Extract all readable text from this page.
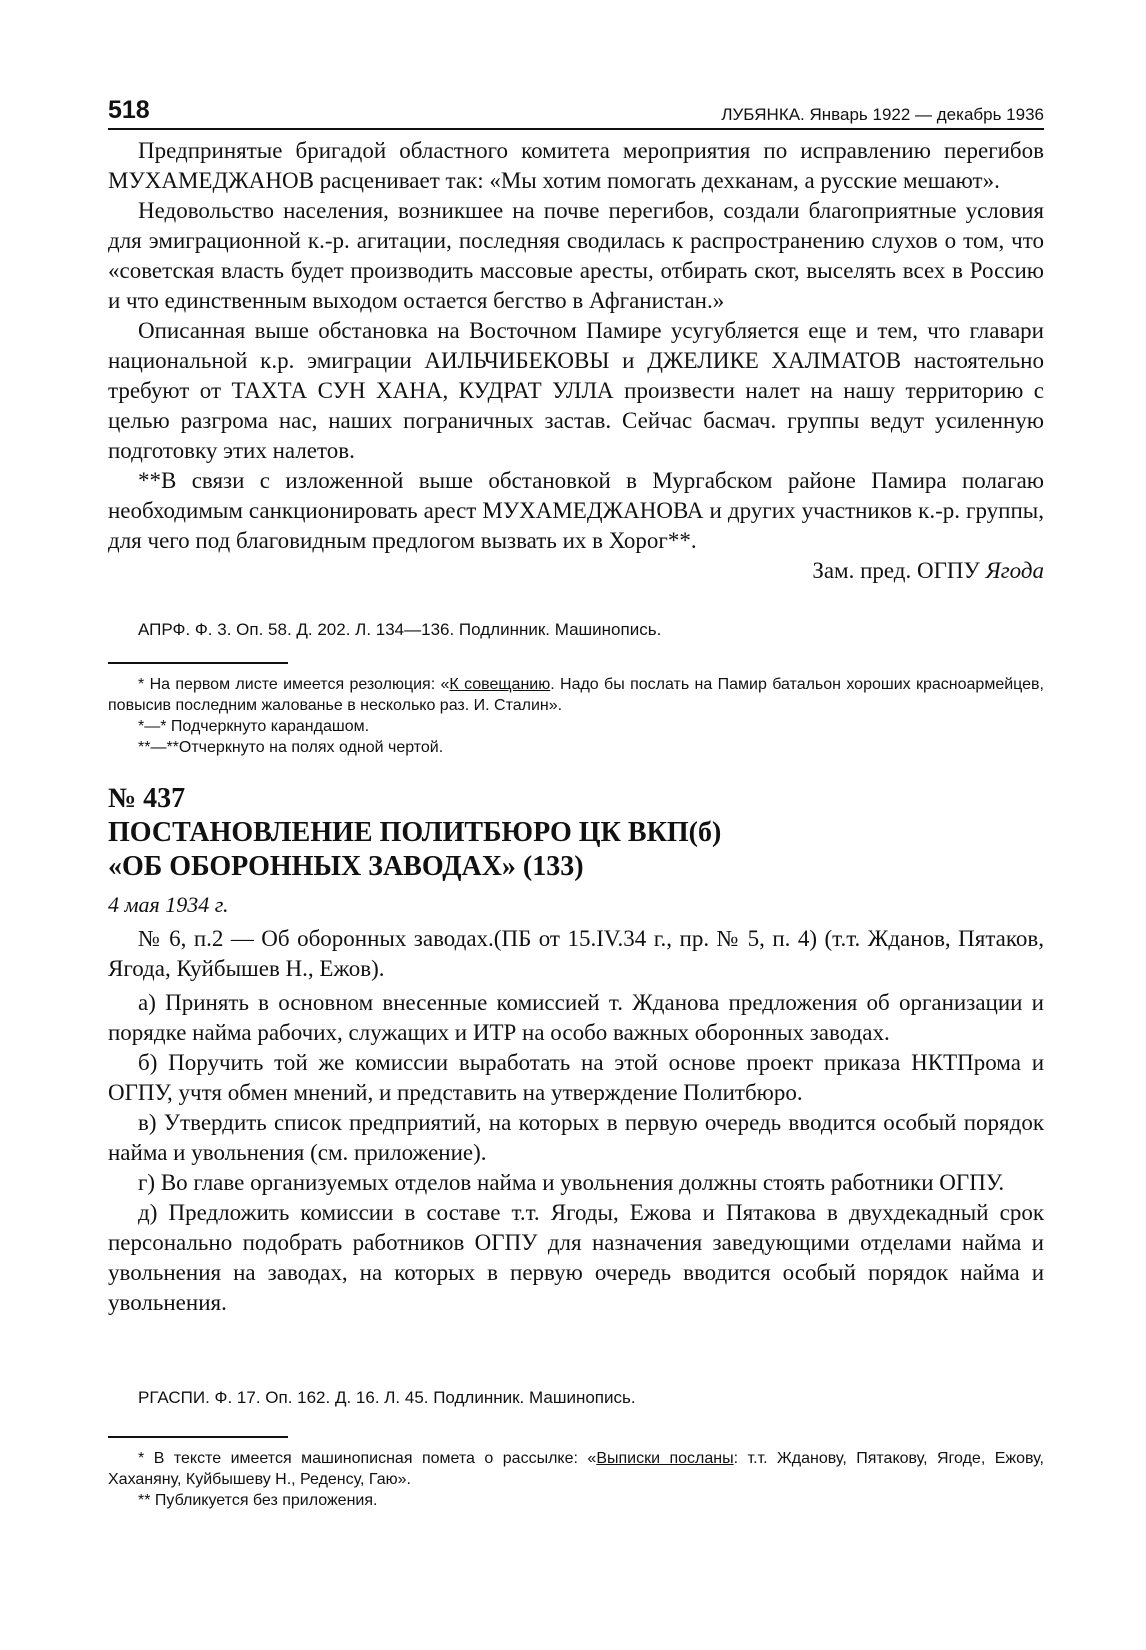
518	ЛУБЯНКА. Январь 1922 — декабрь 1936

Предпринятые бригадой областного комитета мероприятия по исправлению перегибов МУХАМЕДЖАНОВ расценивает так: «Мы хотим помогать дехканам, а русские мешают».

Недовольство населения, возникшее на почве перегибов, создали благоприятные условия для эмиграционной к.-р. агитации, последняя сводилась к распространению слухов о том, что «советская власть будет производить массовые аресты, отбирать скот, выселять всех в Россию и что единственным выходом остается бегство в Афганистан.»

Описанная выше обстановка на Восточном Памире усугубляется еще и тем, что главари национальной к.р. эмиграции АИЛЬЧИБЕКОВЫ и ДЖЕЛИКЕ ХАЛМАТОВ настоятельно требуют от ТАХТА СУН ХАНА, КУДРАТ УЛЛА произвести налет на нашу территорию с целью разгрома нас, наших пограничных застав. Сейчас басмач. группы ведут усиленную подготовку этих налетов.

**В связи с изложенной выше обстановкой в Мургабском районе Памира полагаю необходимым санкционировать арест МУХАМЕДЖАНОВА и других участников к.-р. группы, для чего под благовидным предлогом вызвать их в Хорог**.

Зам. пред. ОГПУ Ягода

АПРФ. Ф. 3. Оп. 58. Д. 202. Л. 134—136. Подлинник. Машинопись.

* На первом листе имеется резолюция: «К совещанию. Надо бы послать на Памир батальон хороших красноармейцев, повысив последним жалованье в несколько раз. И. Сталин».

*—* Подчеркнуто карандашом.

**—**Отчеркнуто на полях одной чертой.

№ 437

ПОСТАНОВЛЕНИЕ ПОЛИТБЮРО ЦК ВКП(б)

«ОБ ОБОРОННЫХ ЗАВОДАХ» (133)

4 мая 1934 г.

№ 6, п.2 — Об оборонных заводах.(ПБ от 15.IV.34 г., пр. № 5, п. 4) (т.т. Жданов, Пятаков, Ягода, Куйбышев Н., Ежов).

а) Принять в основном внесенные комиссией т. Жданова предложения об организации и порядке найма рабочих, служащих и ИТР на особо важных оборонных заводах.

б) Поручить той же комиссии выработать на этой основе проект приказа НКТПрома и ОГПУ, учтя обмен мнений, и представить на утверждение Политбюро.

в) Утвердить список предприятий, на которых в первую очередь вводится особый порядок найма и увольнения (см. приложение).

г) Во главе организуемых отделов найма и увольнения должны стоять работники ОГПУ.

д) Предложить комиссии в составе т.т. Ягоды, Ежова и Пятакова в двухдекадный срок персонально подобрать работников ОГПУ для назначения заведующими отделами найма и увольнения на заводах, на которых в первую очередь вводится особый порядок найма и увольнения.

РГАСПИ. Ф. 17. Оп. 162. Д. 16. Л. 45. Подлинник. Машинопись.

* В тексте имеется машинописная помета о рассылке: «Выписки посланы: т.т. Жданову, Пятакову, Ягоде, Ежову, Хаханяну, Куйбышеву Н., Реденсу, Гаю».

** Публикуется без приложения.
